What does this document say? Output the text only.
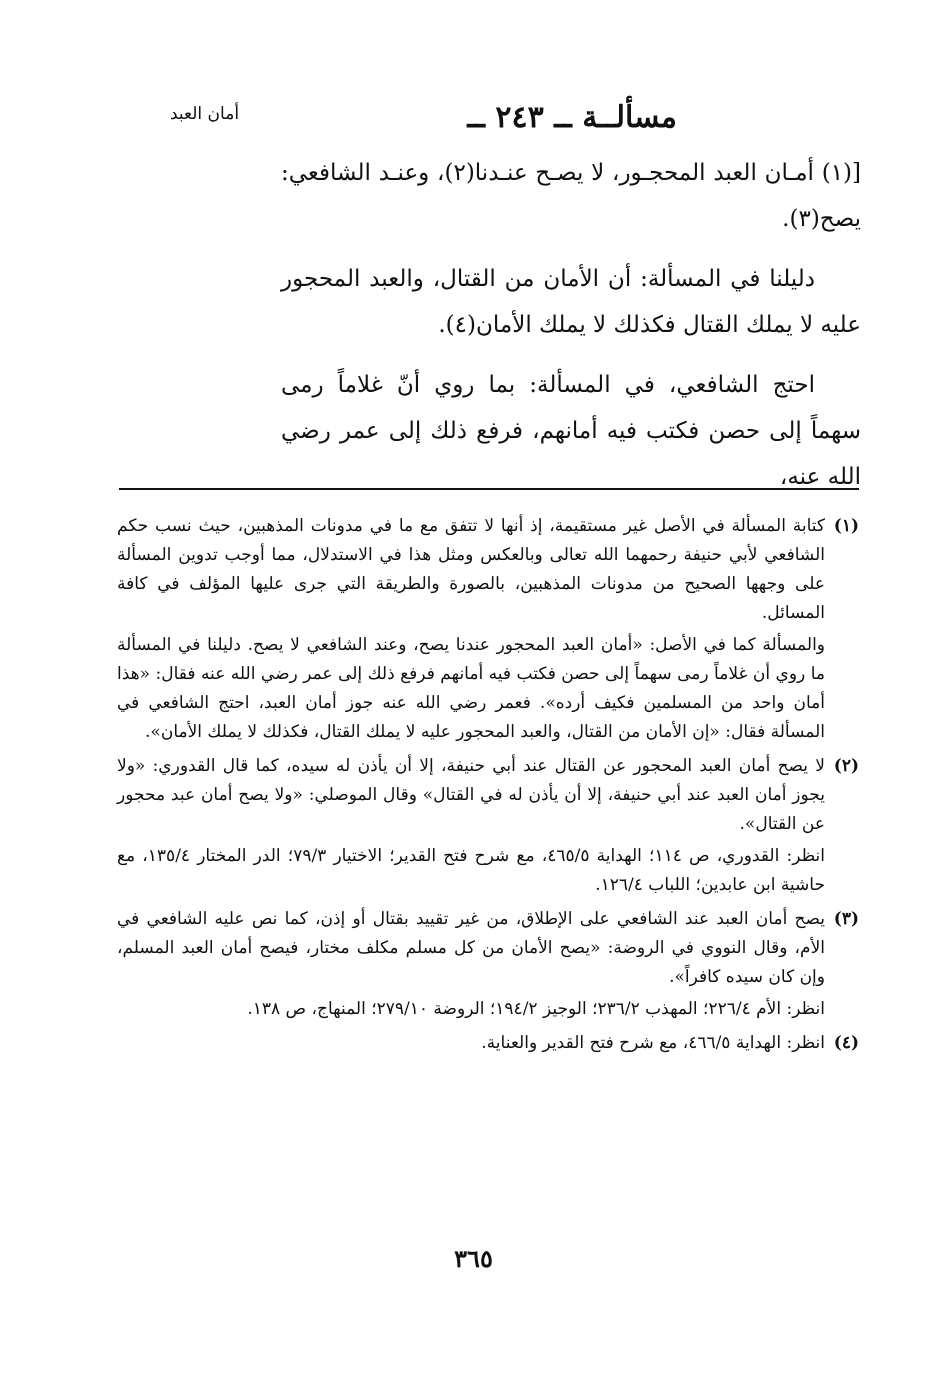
مسألــة ــ ٢٤٣ ــ
أمان العبد

[(١) أمـان العبد المحجـور، لا يصـح عنـدنا(٢)، وعنـد الشافعي: يصح(٣).

دليلنا في المسألة: أن الأمان من القتال، والعبد المحجور عليه لا يملك القتال فكذلك لا يملك الأمان(٤).

احتج الشافعي، في المسألة: بما روي أنّ غلاماً رمى سهماً إلى حصن فكتب فيه أمانهم، فرفع ذلك إلى عمر رضي الله عنه،

(١)

كتابة المسألة في الأصل غير مستقيمة، إذ أنها لا تتفق مع ما في مدونات المذهبين، حيث نسب حكم الشافعي لأبي حنيفة رحمهما الله تعالى وبالعكس ومثل هذا في الاستدلال، مما أوجب تدوين المسألة على وجهها الصحيح من مدونات المذهبين، بالصورة والطريقة التي جرى عليها المؤلف في كافة المسائل.

والمسألة كما في الأصل: «أمان العبد المحجور عندنا يصح، وعند الشافعي لا يصح. دليلنا في المسألة ما روي أن غلاماً رمى سهماً إلى حصن فكتب فيه أمانهم فرفع ذلك إلى عمر رضي الله عنه فقال: «هذا أمان واحد من المسلمين فكيف أرده». فعمر رضي الله عنه جوز أمان العبد، احتج الشافعي في المسألة فقال: «إن الأمان من القتال، والعبد المحجور عليه لا يملك القتال، فكذلك لا يملك الأمان».

(٢)

لا يصح أمان العبد المحجور عن القتال عند أبي حنيفة، إلا أن يأذن له سيده، كما قال القدوري: «ولا يجوز أمان العبد عند أبي حنيفة، إلا أن يأذن له في القتال» وقال الموصلي: «ولا يصح أمان عبد محجور عن القتال».

انظر: القدوري، ص ١١٤؛ الهداية ٤٦٥/٥، مع شرح فتح القدير؛ الاختيار ٧٩/٣؛ الدر المختار ١٣٥/٤، مع حاشية ابن عابدين؛ اللباب ١٢٦/٤.

(٣)

يصح أمان العبد عند الشافعي على الإطلاق، من غير تقييد بقتال أو إذن، كما نص عليه الشافعي في الأم، وقال النووي في الروضة: «يصح الأمان من كل مسلم مكلف مختار، فيصح أمان العبد المسلم، وإن كان سيده كافراً».

انظر: الأم ٢٢٦/٤؛ المهذب ٢٣٦/٢؛ الوجيز ١٩٤/٢؛ الروضة ٢٧٩/١٠؛ المنهاج، ص ١٣٨.

(٤)

انظر: الهداية ٤٦٦/٥، مع شرح فتح القدير والعناية.

٣٦٥
